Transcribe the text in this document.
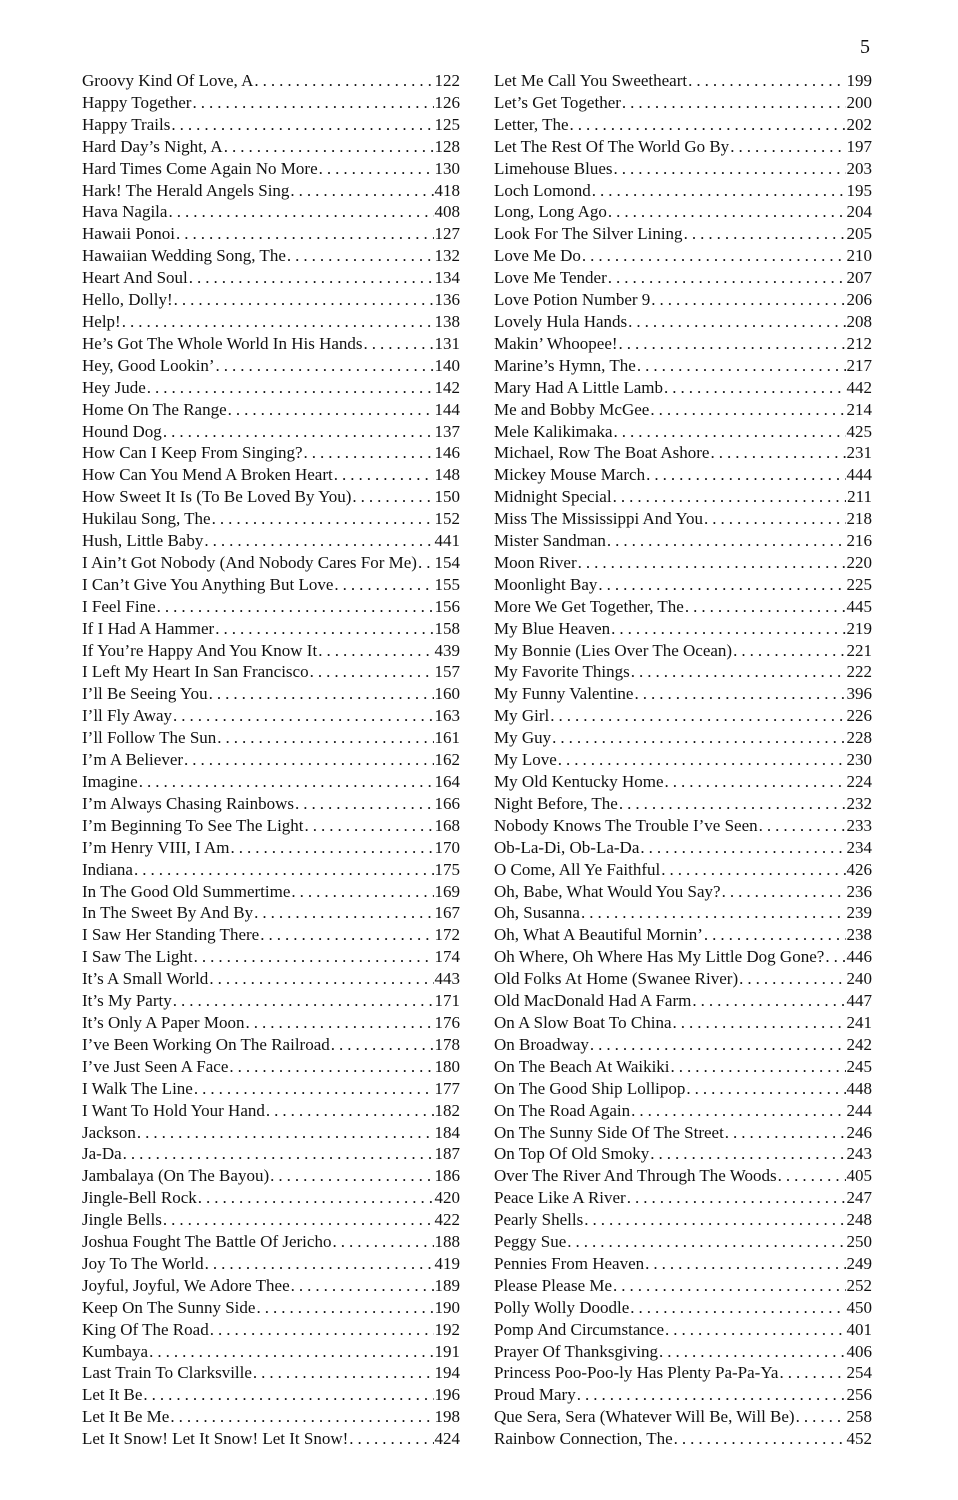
5
Groovy Kind Of Love, A .....	122
Happy Together .....	126
Happy Trails .....	125
Hard Day’s Night, A .....	128
Hard Times Come Again No More .....	130
Hark! The Herald Angels Sing .....	418
Hava Nagila .....	408
Hawaii Ponoi .....	127
Hawaiian Wedding Song, The .....	132
Heart And Soul .....	134
Hello, Dolly! .....	136
Help! .....	138
He’s Got The Whole World In His Hands .....	131
Hey, Good Lookin’ .....	140
Hey Jude .....	142
Home On The Range .....	144
Hound Dog .....	137
How Can I Keep From Singing? .....	146
How Can You Mend A Broken Heart .....	148
How Sweet It Is (To Be Loved By You) .....	150
Hukilau Song, The .....	152
Hush, Little Baby .....	441
I Ain’t Got Nobody (And Nobody Cares For Me) ..... 154
I Can’t Give You Anything But Love .....	155
I Feel Fine .....	156
If I Had A Hammer .....	158
If You’re Happy And You Know It .....	439
I Left My Heart In San Francisco .....	157
I’ll Be Seeing You .....	160
I’ll Fly Away .....	163
I’ll Follow The Sun .....	161
I’m A Believer .....	162
Imagine .....	164
I’m Always Chasing Rainbows .....	166
I’m Beginning To See The Light .....	168
I’m Henry VIII, I Am .....	170
Indiana .....	175
In The Good Old Summertime .....	169
In The Sweet By And By .....	167
I Saw Her Standing There .....	172
I Saw The Light .....	174
It’s A Small World .....	443
It’s My Party .....	171
It’s Only A Paper Moon .....	176
I’ve Been Working On The Railroad .....	178
I’ve Just Seen A Face .....	180
I Walk The Line .....	177
I Want To Hold Your Hand .....	182
Jackson .....	184
Ja-Da .....	187
Jambalaya (On The Bayou) .....	186
Jingle-Bell Rock .....	420
Jingle Bells .....	422
Joshua Fought The Battle Of Jericho .....	188
Joy To The World .....	419
Joyful, Joyful, We Adore Thee .....	189
Keep On The Sunny Side .....	190
King Of The Road .....	192
Kumbaya .....	191
Last Train To Clarksville .....	194
Let It Be .....	196
Let It Be Me .....	198
Let It Snow! Let It Snow! Let It Snow! .....	424
Let Me Call You Sweetheart .....	199
Let’s Get Together .....	200
Letter, The .....	202
Let The Rest Of The World Go By .....	197
Limehouse Blues .....	203
Loch Lomond .....	195
Long, Long Ago .....	204
Look For The Silver Lining .....	205
Love Me Do .....	210
Love Me Tender .....	207
Love Potion Number 9 .....	206
Lovely Hula Hands .....	208
Makin’ Whoopee! .....	212
Marine’s Hymn, The .....	217
Mary Had A Little Lamb .....	442
Me and Bobby McGee .....	214
Mele Kalikimaka .....	425
Michael, Row The Boat Ashore .....	231
Mickey Mouse March .....	444
Midnight Special .....	211
Miss The Mississippi And You .....	218
Mister Sandman .....	216
Moon River .....	220
Moonlight Bay .....	225
More We Get Together, The .....	445
My Blue Heaven .....	219
My Bonnie (Lies Over The Ocean) .....	221
My Favorite Things .....	222
My Funny Valentine .....	396
My Girl .....	226
My Guy .....	228
My Love .....	230
My Old Kentucky Home .....	224
Night Before, The .....	232
Nobody Knows The Trouble I’ve Seen .....	233
Ob-La-Di, Ob-La-Da .....	234
O Come, All Ye Faithful .....	426
Oh, Babe, What Would You Say? .....	236
Oh, Susanna .....	239
Oh, What A Beautiful Mornin’ .....	238
Oh Where, Oh Where Has My Little Dog Gone? ..... 446
Old Folks At Home (Swanee River) .....	240
Old MacDonald Had A Farm .....	447
On A Slow Boat To China .....	241
On Broadway .....	242
On The Beach At Waikiki .....	245
On The Good Ship Lollipop .....	448
On The Road Again .....	244
On The Sunny Side Of The Street .....	246
On Top Of Old Smoky .....	243
Over The River And Through The Woods .....	405
Peace Like A River .....	247
Pearly Shells .....	248
Peggy Sue .....	250
Pennies From Heaven .....	249
Please Please Me .....	252
Polly Wolly Doodle .....	450
Pomp And Circumstance .....	401
Prayer Of Thanksgiving .....	406
Princess Poo-Poo-ly Has Plenty Pa-Pa-Ya .....	254
Proud Mary .....	256
Que Sera, Sera (Whatever Will Be, Will Be) .....	258
Rainbow Connection, The .....	452
